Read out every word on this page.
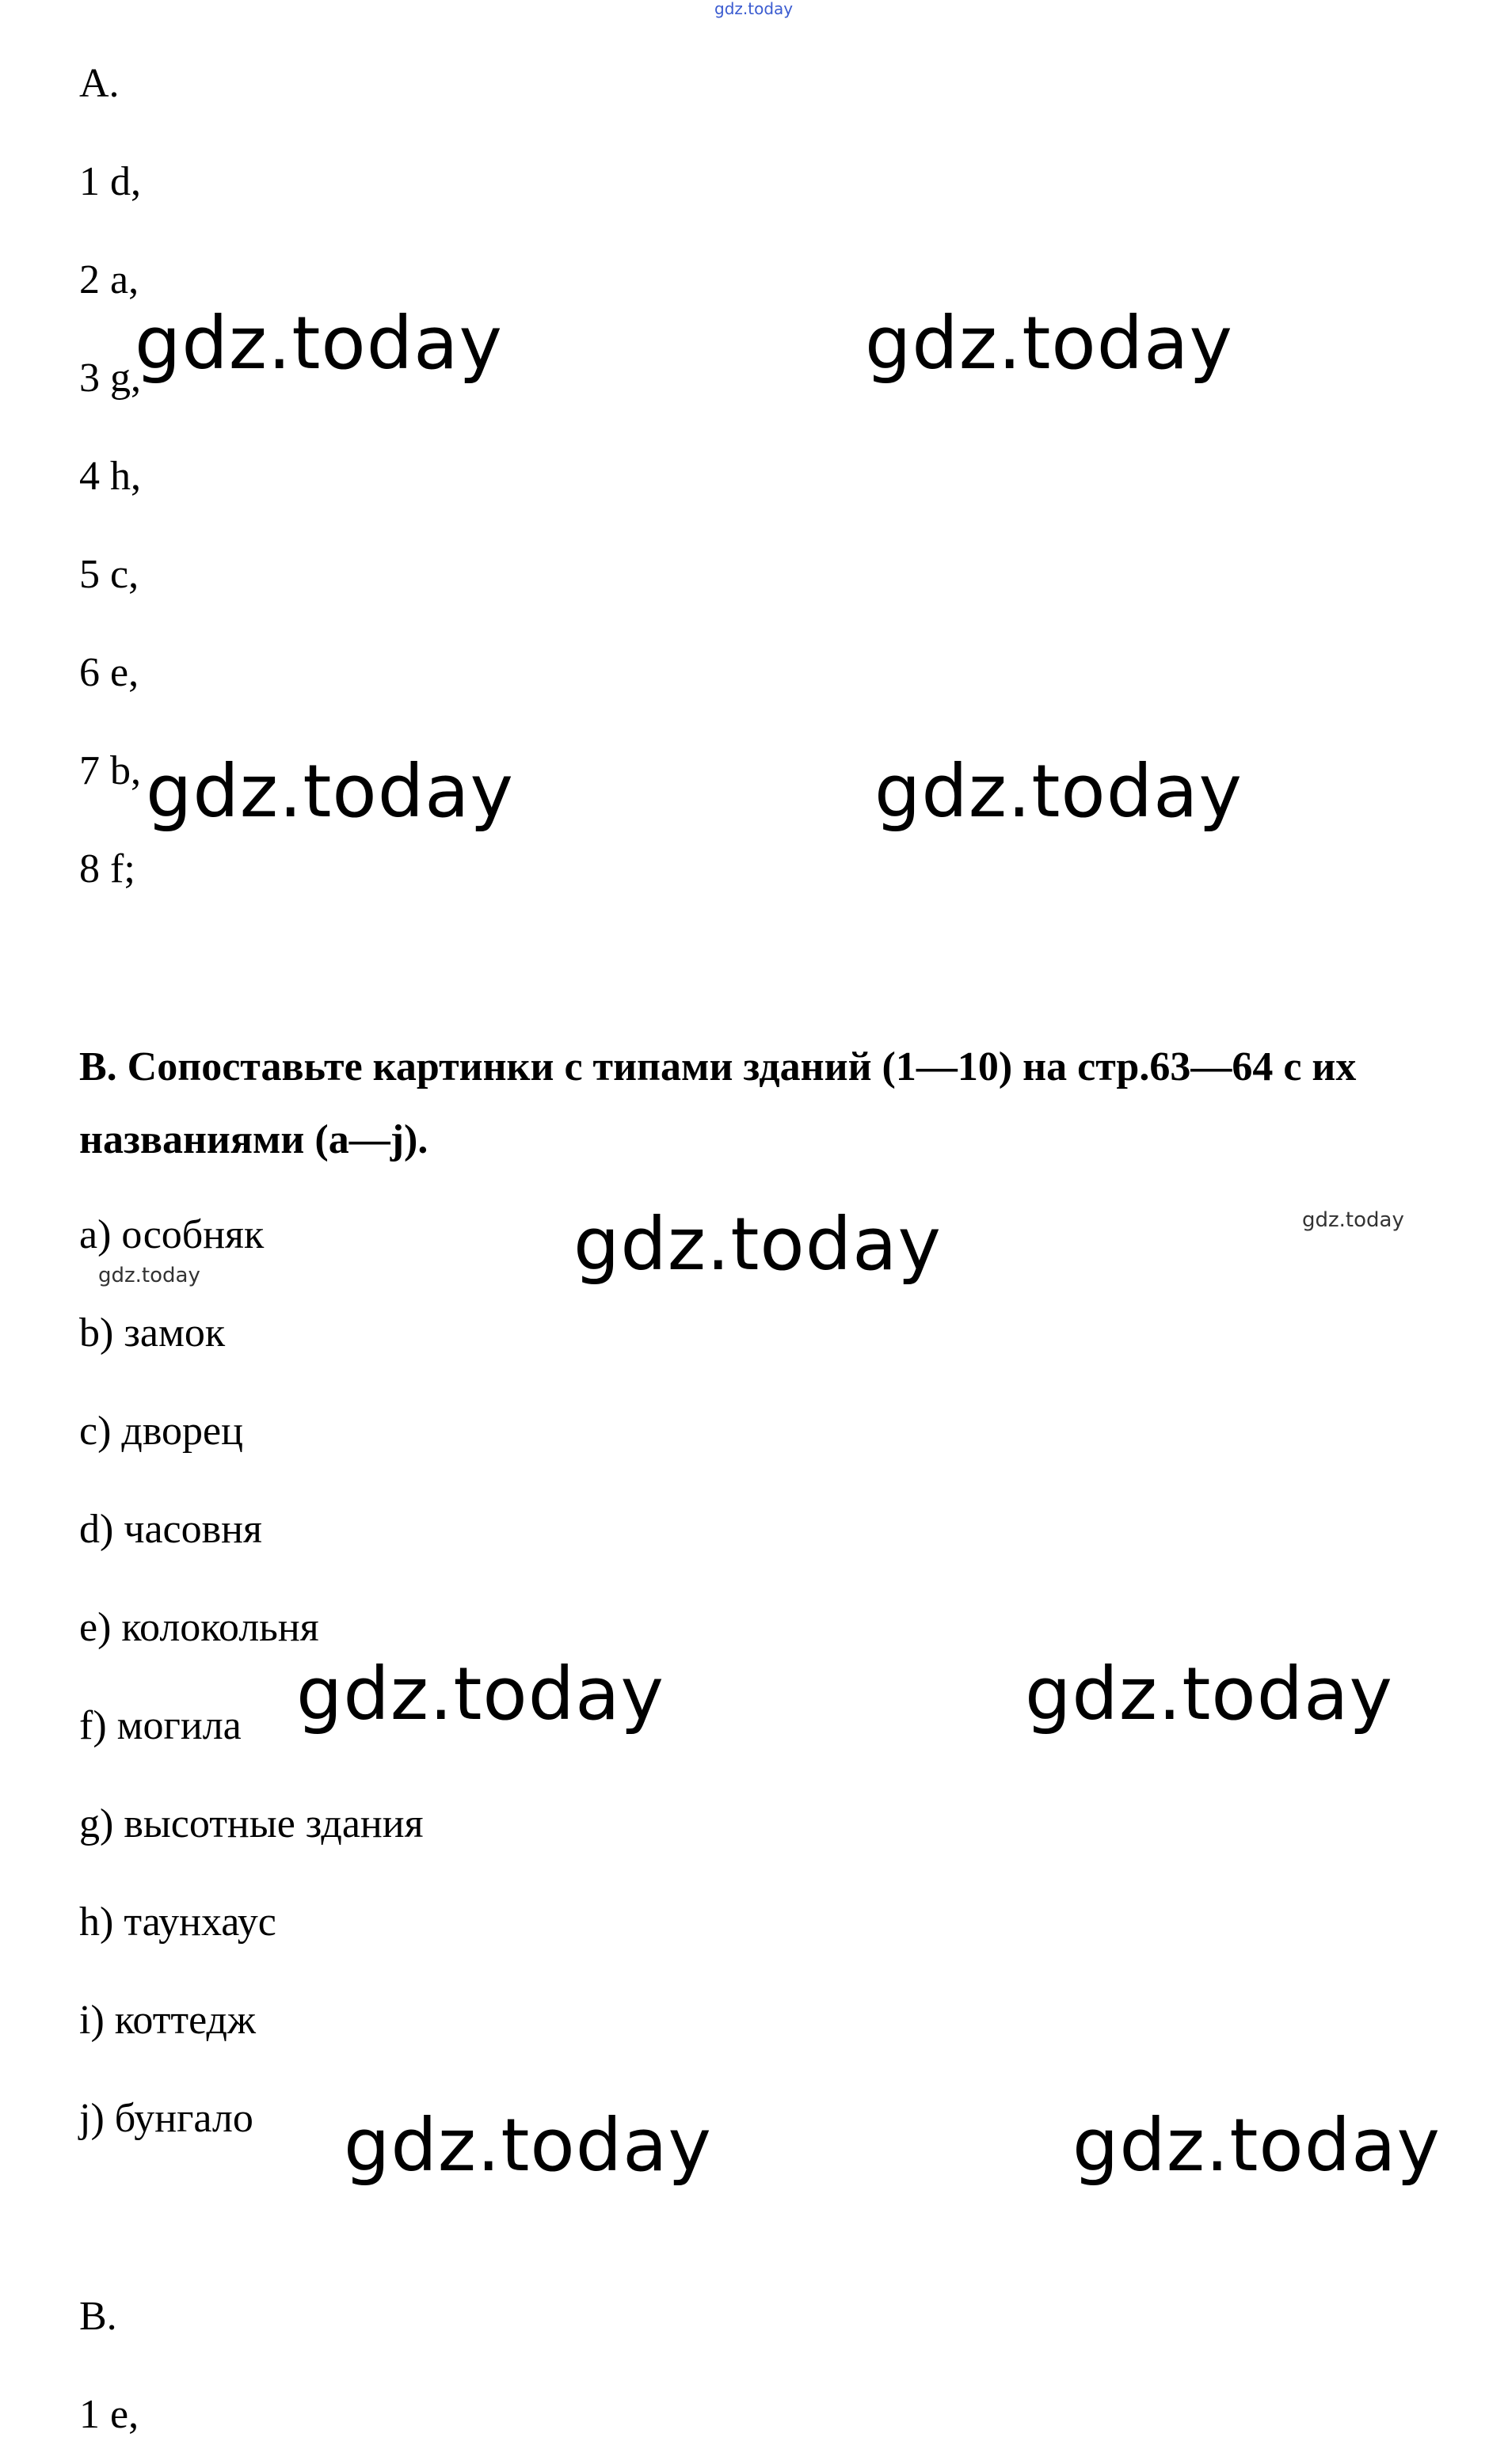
gdz.today
A.
1 d,
2 a,
3 g,
4 h,
5 c,
6 e,
7 b,
8 f;
B. Сопоставьте картинки с типами зданий (1—10) на стр.63—64 с их названиями (a—j).
a) особняк
b) замок
c) дворец
d) часовня
e) колокольня
f) могила
g) высотные здания
h) таунхаус
i) коттедж
j) бунгало
B.
1 e,
gdz.today	gdz.today
gdz.today	gdz.today
gdz.today
gdz.today	gdz.today
gdz.today	gdz.today
gdz.today
gdz.today
